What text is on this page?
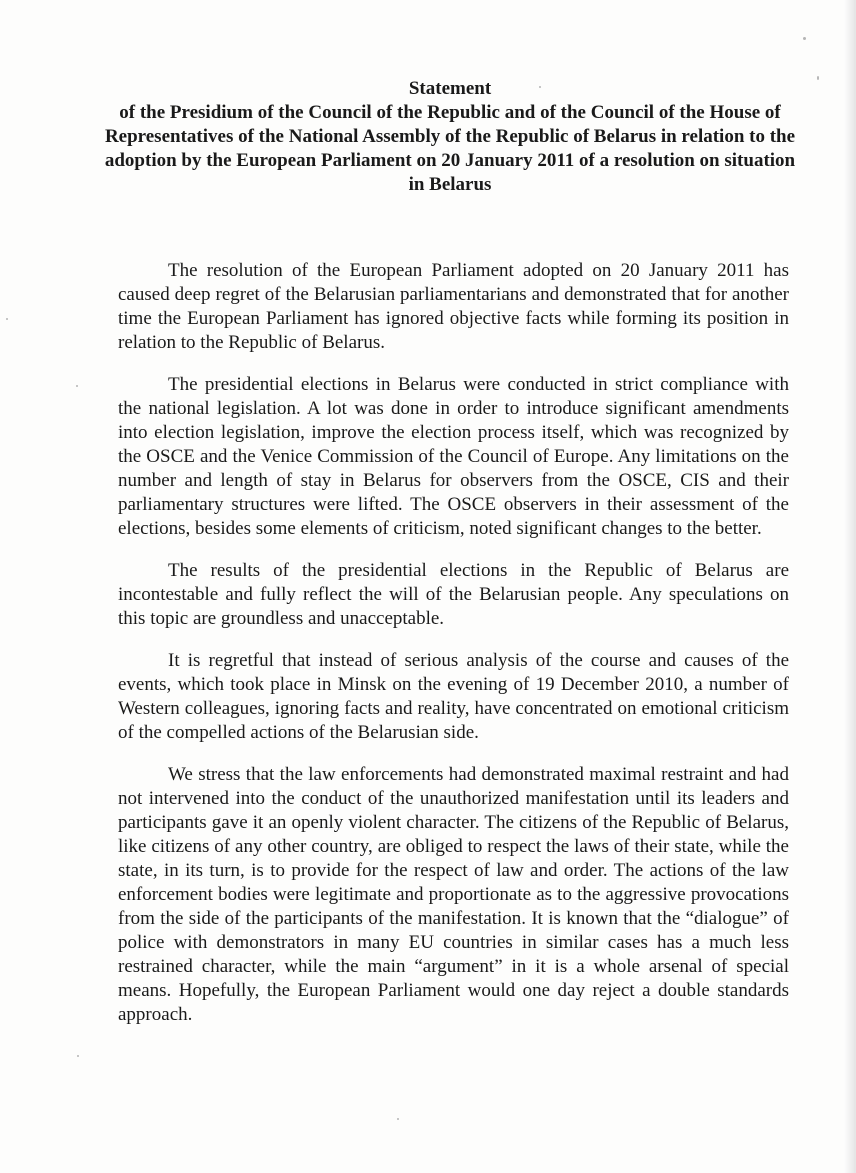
Statement
of the Presidium of the Council of the Republic and of the Council of the House of Representatives of the National Assembly of the Republic of Belarus in relation to the adoption by the European Parliament on 20 January 2011 of a resolution on situation in Belarus

The resolution of the European Parliament adopted on 20 January 2011 has caused deep regret of the Belarusian parliamentarians and demonstrated that for another time the European Parliament has ignored objective facts while forming its position in relation to the Republic of Belarus.

The presidential elections in Belarus were conducted in strict compliance with the national legislation. A lot was done in order to introduce significant amendments into election legislation, improve the election process itself, which was recognized by the OSCE and the Venice Commission of the Council of Europe. Any limitations on the number and length of stay in Belarus for observers from the OSCE, CIS and their parliamentary structures were lifted. The OSCE observers in their assessment of the elections, besides some elements of criticism, noted significant changes to the better.

The results of the presidential elections in the Republic of Belarus are incontestable and fully reflect the will of the Belarusian people. Any speculations on this topic are groundless and unacceptable.

It is regretful that instead of serious analysis of the course and causes of the events, which took place in Minsk on the evening of 19 December 2010, a number of Western colleagues, ignoring facts and reality, have concentrated on emotional criticism of the compelled actions of the Belarusian side.

We stress that the law enforcements had demonstrated maximal restraint and had not intervened into the conduct of the unauthorized manifestation until its leaders and participants gave it an openly violent character. The citizens of the Republic of Belarus, like citizens of any other country, are obliged to respect the laws of their state, while the state, in its turn, is to provide for the respect of law and order. The actions of the law enforcement bodies were legitimate and proportionate as to the aggressive provocations from the side of the participants of the manifestation. It is known that the “dialogue” of police with demonstrators in many EU countries in similar cases has a much less restrained character, while the main “argument” in it is a whole arsenal of special means. Hopefully, the European Parliament would one day reject a double standards approach.
